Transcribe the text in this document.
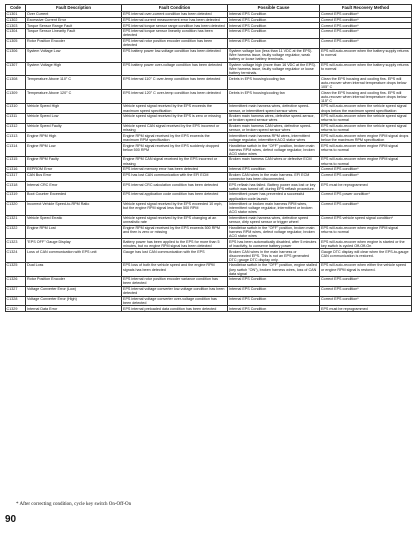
Code	Fault Description	Fault Condition	Possible Cause	Fault Recovery Method
C1301	Over Current	EPS internal over-current condition has been detected	Internal EPS Condition	Correct EPS condition*
C1302	Excessive Current Error	EPS internal current measurement error has been detected	Internal EPS Condition	Correct EPS condition*
C1303	Torque Sensor Range Fault	EPS internal torque sensor range condition has been detected	Internal EPS Condition	Correct EPS condition*
C1304	Torque Sensor Linearity Fault	EPS internal torque sensor linearity condition has been detected	Internal EPS Condition	Correct EPS condition*
C1305	Rotor Position Encoder	EPS internal rotor position encoder condition has been detected	Internal EPS Condition	Correct EPS condition*
C1306	System Voltage Low	EPS battery power low-voltage condition has been detected	System voltage low (less than 11 VDC at the EPS). Wire harness issue, faulty voltage regulator, weak battery or loose battery terminals.	EPS will auto-recover when the battery supply returns to normal
C1307	System Voltage High	EPS battery power over-voltage condition has been detected	System voltage high (more than 16 VDC at the EPS). Wire harness issue, faulty voltage regulator or loose battery terminals.	EPS will auto-recover when the battery supply returns to normal
C1308	Temperature Above 110° C	EPS internal 110° C over-temp condition has been detected	Debris in EPS housing/cooling fan	Clean the EPS housing and cooling fins. EPS will auto-recover when internal temperature drops below 105° C
C1309	Temperature Above 120° C	EPS internal 120° C over-temp condition has been detected	Debris in EPS housing/cooling fan	Clean the EPS housing and cooling fins. EPS will auto-recover when internal temperature drops below 115° C
C1310	Vehicle Speed High	Vehicle speed signal received by the EPS exceeds the maximum speed specification	Intermittent main harness wires, defective speed-sensor, or intermittent speed sensor wires	EPS will auto-recover when the vehicle speed signal drops below the maximum speed specification
C1311	Vehicle Speed Low	Vehicle speed signal received by the EPS is zero or missing	Broken main harness wires, defective speed-sensor, or broken speed sensor wires	EPS will auto-recover when the vehicle speed signal returns to normal
C1312	Vehicle Speed Faulty	Vehicle speed CAN signal received by the EPS incorrect or missing	Broken main harness CAN wires, defective speed-sensor, or broken speed sensor wires	EPS will auto-recover when the vehicle speed signal returns to normal
C1313	Engine RPM High	Engine RPM signal received by the EPS exceeds the maximum RPM specification	Intermittent main harness RPM wires, intermittent voltage regulator, intermittent ACG stator wires	EPS will auto-recover when engine RPM signal drops below the maximum RPM specification
C1314	Engine RPM Low	Engine RPM signal received by the EPS suddenly dropped below 500 RPM	Handlebar switch in the "OFF" position, broken main harness RPM wires, defect voltage regulator, broken ACG stator wires	EPS will auto-recover when engine RPM signal returns to normal
C1315	Engine RPM Faulty	Engine RPM CAN signal received by the EPS incorrect or missing	Broken main harness CAN wires or defective ECM	EPS will auto-recover when engine RPM signal returns to normal
C1316	EEPROM Error	EPS internal memory error has been detected	Internal EPS condition	Correct EPS condition*
C1317	CAN Bus Error	EPS has lost CAN communication with the EFI ECM	Broken CAN wires in the main harness. EFI ECM connector has been disconnected.	Correct EPS condition*
C1318	Internal CRC Error	EPS internal CRC calculation condition has been detected	EPS reflash has failed. Battery power was lost or key switch was turned off, during EPS reflash procedure.	EPS must be reprogrammed
C1319	Boot Counter Exceeded	EPS internal application code condition has been detected	Intermittent power has prevented a successful application code launch	Correct EPS power condition*
C1320	Incorrect Vehicle Speed-to-RPM Ratio	Vehicle speed signal received by the EPS exceeded 10 mph, but the engine RPM signal less than 500 RPM	Intermittent or broken main harness RPM wires, intermittent voltage regulator, intermittent or broken ACG stator wires	Correct EPS condition*
C1321	Vehicle Speed Erratic	Vehicle speed signal received by the EPS changing at an unrealistic rate	Intermittent main harness wires, defective speed sensor, dirty speed sensor or trigger wheel	Correct EPS vehicle speed signal condition*
C1322	Engine RPM Lost	Engine RPM signal received by the EPS exceeds 500 RPM and then is zero or missing	Handlebar switch in the "OFF" position, broken main harness RPM wires, defect voltage regulator, broken ACG stator wires	EPS will auto-recover when engine RPM signal returns to normal
C1323	"EPS OFF" Gauge Display	Battery power has been applied to the EPS for more than 5 minutes, but no engine RPM signal has been detected	EPS has been automatically disabled, after 5 minutes of inactivity, to conserve battery power	EPS will auto-recover when engine is started or the key switch is cycled Off-Off-On
C1324	Loss of CAN communication with EPS unit	Gauge has lost CAN communication with the EPS	Broken CAN wires in the main harness or disconnected EPS. This is not an EPS generated DTC; gauge DTC display only.	Gauge DTC display will clear when the EPS-to-gauge CAN communication is restored.
C1325	Dual Loss	EPS loss of both the vehicle speed and the engine RPM signals has been detected	Handlebar switch in the "OFF" position, engine stalled (key switch "ON"), broken harness wires, loss of CAN data signal	EPS will auto-recover when either the vehicle speed or engine RPM signal is restored.
C1326	Rotor Position Encoder	EPS internal rotor position encoder variance condition has been detected	Internal EPS Condition	Correct EPS condition*
C1327	Voltage Converter Error (Low)	EPS internal voltage converter low-voltage condition has been detected	Internal EPS Condition	Correct EPS condition*
C1328	Voltage Converter Error (High)	EPS internal voltage converter over-voltage condition has been detected	Internal EPS Condition	Correct EPS condition*
C1329	Internal Data Error	EPS internal preloaded data condition has been detected	Internal EPS Condition	EPS must be reprogrammed
* After correcting condition, cycle key switch On-Off-On
90
